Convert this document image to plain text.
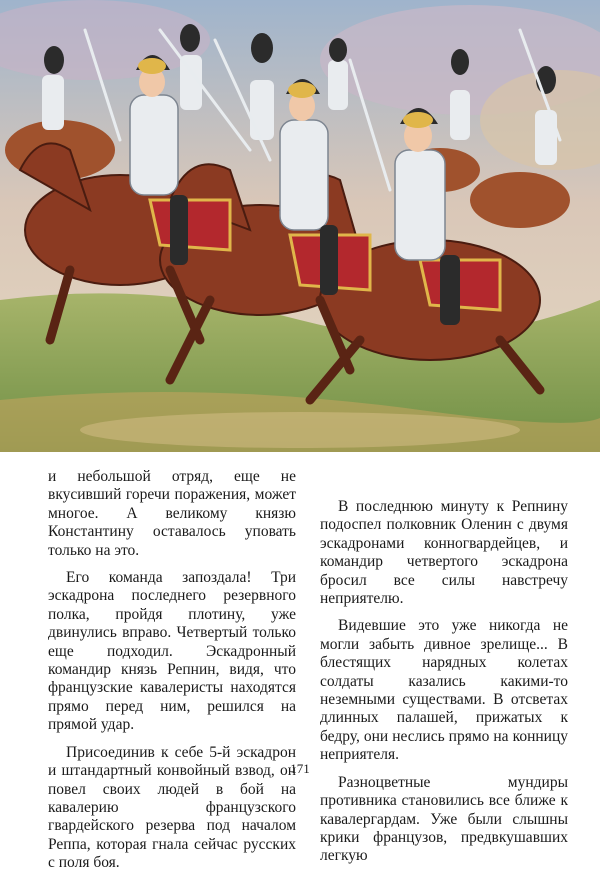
и небольшой отряд, еще не вкусивший горечи поражения, может многое. А великому князю Константину оставалось уповать только на это.

Его команда запоздала! Три эскадрона последнего резервного полка, пройдя плотину, уже двинулись вправо. Четвертый только еще подходил. Эскадронный командир князь Репнин, видя, что французские кавалеристы находятся прямо перед ним, решился на прямой удар.

Присоединив к себе 5-й эскадрон и штандартный конвойный взвод, он повел своих людей в бой на кавалерию французского гвардейского резерва под началом Реппа, которая гнала сейчас русских с поля боя.

В последнюю минуту к Репнину подоспел полковник Оленин с двумя эскадронами конногвардейцев, и командир четвертого эскадрона бросил все силы навстречу неприятелю.

Видевшие это уже никогда не могли забыть дивное зрелище... В блестящих нарядных колетах солдаты казались какими-то неземными существами. В отсветах длинных палашей, прижатых к бедру, они неслись прямо на конницу неприятеля.

Разноцветные мундиры противника становились все ближе к кавалергардам. Уже были слышны крики французов, предвкушавших легкую

171
